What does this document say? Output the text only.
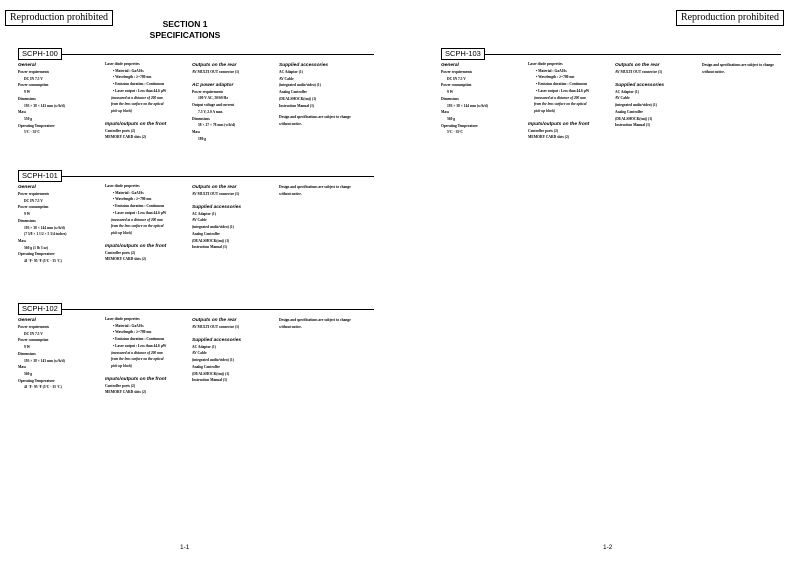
Reproduction prohibited	Reproduction prohibited
SECTION 1
SPECIFICATIONS
SCPH-100
General
Power requirements
DC IN 7.5 V
Power consumption
9 W
Dimensions
193 × 38 × 143 mm (w/h/d)
Mass
550 g
Operating Temperature
5ºC - 35ºC
Laser diode properties
• Material : GaAlAs
• Wavelength : λ=780 nm
• Emission duration : Continuous
• Laser output : Less than 44.6 μW
(measured at a distance of 200 mm
from the lens surface on the optical
pick-up block)
Inputs/outputs on the front
Controller ports (2)
MEMORY CARD slots (2)
Outputs on the rear
AV MULTI OUT connector (1)
AC power adaptor
Power requirements
100 V AC, 50/60 Hz
Output voltage and current
7.5 V, 2.0 A max.
Dimensions
58 × 27 × 78 mm (w/h/d)
Mass
180 g
Supplied accessories
AC Adaptor (1)
AV Cable
(integrated audio/video) (1)
Analog Controller
(DUALSHOCK(tm)) (1)
Instruction Manual (1)
Design and specifications are subject to change without notice.
SCPH-101
General
Power requirements
DC IN 7.5 V
Power consumption
9 W
Dimensions
193 × 38 × 144 mm (w/h/d)
(7 5/8 × 1 1/2 × 5 3/4 inches)
Mass
560 g (1 lb 3 oz)
Operating Temperature
41 ºF- 95 ºF (5ºC - 35 ºC)
Laser diode properties
• Material : GaAlAs
• Wavelength : λ=780 nm
• Emission duration : Continuous
• Laser output : Less than 44.6 μW
(measured at a distance of 200 mm
from the lens surface on the optical
pick-up block)
Inputs/outputs on the front
Controller ports (2)
MEMORY CARD slots (2)
Outputs on the rear
AV MULTI OUT connector (1)
Supplied accessories
AC Adaptor (1)
AV Cable
(integrated audio/video) (1)
Analog Controller
(DUALSHOCK(tm)) (1)
Instruction Manual (1)
Design and specifications are subject to change without notice.
SCPH-102
General
Power requirements
DC IN 7.5 V
Power consumption
9 W
Dimensions
193 × 38 × 143 mm (w/h/d)
Mass
560 g
Operating Temperature
41 ºF- 95 ºF (5ºC - 35 ºC)
Laser diode properties
• Material : GaAlAs
• Wavelength : λ=780 nm
• Emission duration : Continuous
• Laser output : Less than 44.6 μW
(measured at a distance of 200 mm
from the lens surface on the optical
pick-up block)
Inputs/outputs on the front
Controller ports (2)
MEMORY CARD slots (2)
Outputs on the rear
AV MULTI OUT connector (1)
Supplied accessories
AC Adaptor (1)
AV Cable
(integrated audio/video) (1)
Analog Controller
(DUALSHOCK(tm)) (1)
Instruction Manual (1)
Design and specifications are subject to change without notice.
SCPH-103
General
Power requirements
DC IN 7.5 V
Power consumption
9 W
Dimensions
193 × 38 × 144 mm (w/h/d)
Mass
560 g
Operating Temperature
5ºC - 35ºC
Laser diode properties
• Material : GaAlAs
• Wavelength : λ=780 nm
• Emission duration : Continuous
• Laser output : Less than 44.6 μW
(measured at a distance of 200 mm
from the lens surface on the optical
pick-up block)
Inputs/outputs on the front
Controller ports (2)
MEMORY CARD slots (2)
Outputs on the rear
AV MULTI OUT connector (1)
Supplied accessories
AC Adaptor (1)
AV Cable
(integrated audio/video) (1)
Analog Controller
(DUALSHOCK(tm)) (1)
Instruction Manual (1)
Design and specifications are subject to change without notice.
1-1	1-2
